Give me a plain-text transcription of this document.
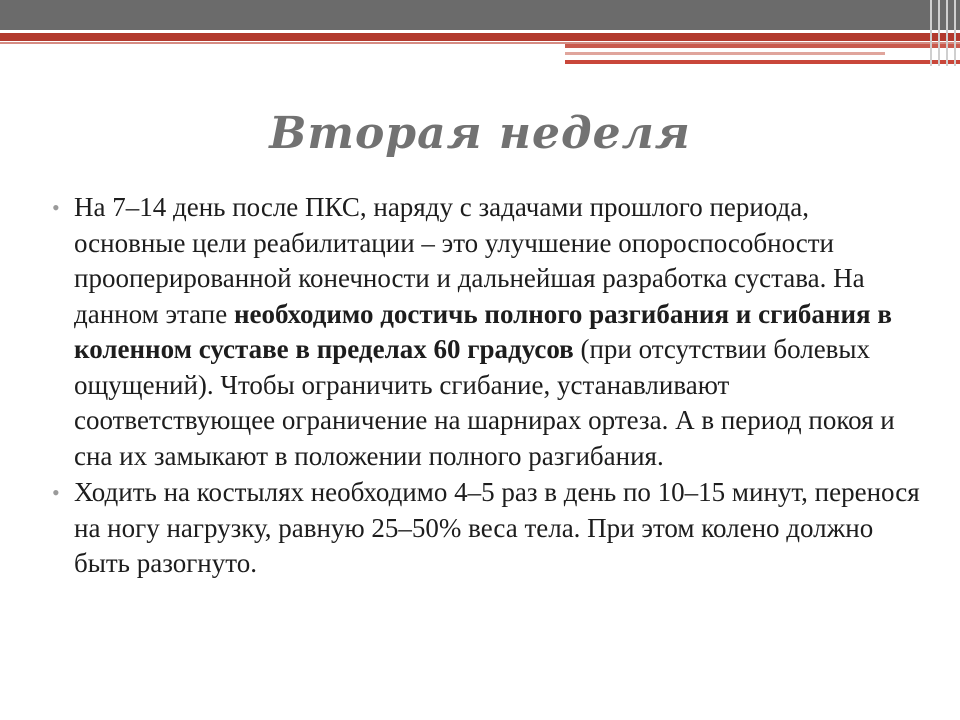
Вторая неделя
• На 7–14 день после ПКС, наряду с задачами прошлого периода, основные цели реабилитации – это улучшение опороспособности прооперированной конечности и дальнейшая разработка сустава. На данном этапе необходимо достичь полного разгибания и сгибания в коленном суставе в пределах 60 градусов (при отсутствии болевых ощущений). Чтобы ограничить сгибание, устанавливают соответствующее ограничение на шарнирах ортеза. А в период покоя и сна их замыкают в положении полного разгибания.
• Ходить на костылях необходимо 4–5 раз в день по 10–15 минут, перенося на ногу нагрузку, равную 25–50% веса тела. При этом колено должно быть разогнуто.
